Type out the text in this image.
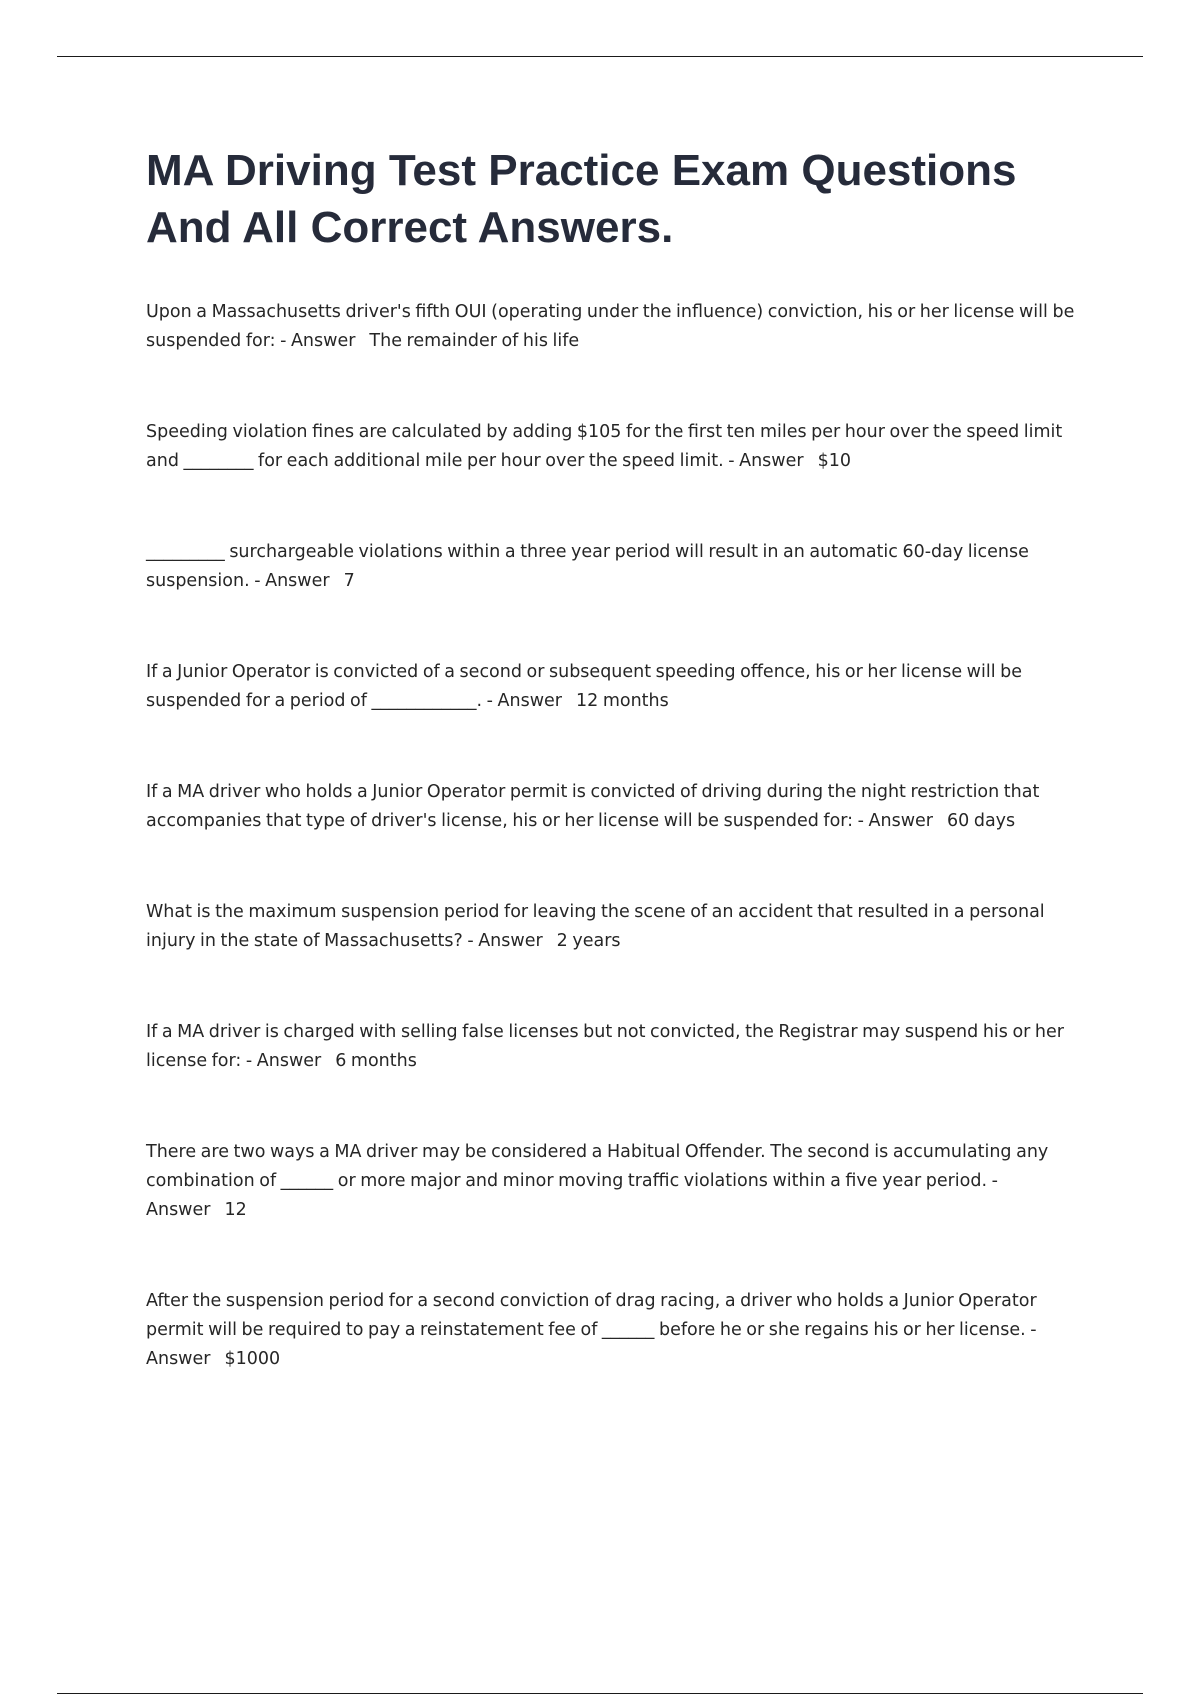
MA Driving Test Practice Exam Questions And All Correct Answers.
Upon a Massachusetts driver's fifth OUI (operating under the influence) conviction, his or her license will be suspended for: - Answer The remainder of his life
Speeding violation fines are calculated by adding $105 for the first ten miles per hour over the speed limit and ________ for each additional mile per hour over the speed limit. - Answer $10
_________ surchargeable violations within a three year period will result in an automatic 60-day license suspension. - Answer 7
If a Junior Operator is convicted of a second or subsequent speeding offence, his or her license will be suspended for a period of ____________. - Answer 12 months
If a MA driver who holds a Junior Operator permit is convicted of driving during the night restriction that accompanies that type of driver's license, his or her license will be suspended for: - Answer 60 days
What is the maximum suspension period for leaving the scene of an accident that resulted in a personal injury in the state of Massachusetts? - Answer 2 years
If a MA driver is charged with selling false licenses but not convicted, the Registrar may suspend his or her license for: - Answer 6 months
There are two ways a MA driver may be considered a Habitual Offender. The second is accumulating any combination of ______ or more major and minor moving traffic violations within a five year period. - Answer 12
After the suspension period for a second conviction of drag racing, a driver who holds a Junior Operator permit will be required to pay a reinstatement fee of ______ before he or she regains his or her license. - Answer $1000
